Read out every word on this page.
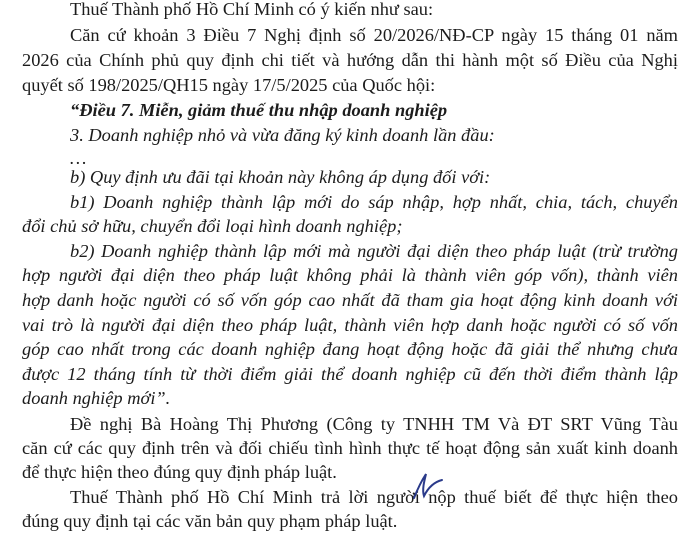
Thuế Thành phố Hồ Chí Minh có ý kiến như sau:
Căn cứ khoản 3 Điều 7 Nghị định số 20/2026/NĐ-CP ngày 15 tháng 01 năm
2026 của Chính phủ quy định chi tiết và hướng dẫn thi hành một số Điều của Nghị
quyết số 198/2025/QH15 ngày 17/5/2025 của Quốc hội:
“Điều 7. Miễn, giảm thuế thu nhập doanh nghiệp
3. Doanh nghiệp nhỏ và vừa đăng ký kinh doanh lần đầu:
…
b) Quy định ưu đãi tại khoản này không áp dụng đối với:
b1) Doanh nghiệp thành lập mới do sáp nhập, hợp nhất, chia, tách, chuyển
đổi chủ sở hữu, chuyển đổi loại hình doanh nghiệp;
b2) Doanh nghiệp thành lập mới mà người đại diện theo pháp luật (trừ trường
hợp người đại diện theo pháp luật không phải là thành viên góp vốn), thành viên
hợp danh hoặc người có số vốn góp cao nhất đã tham gia hoạt động kinh doanh với
vai trò là người đại diện theo pháp luật, thành viên hợp danh hoặc người có số vốn
góp cao nhất trong các doanh nghiệp đang hoạt động hoặc đã giải thể nhưng chưa
được 12 tháng tính từ thời điểm giải thể doanh nghiệp cũ đến thời điểm thành lập
doanh nghiệp mới”.
Đề nghị Bà Hoàng Thị Phương (Công ty TNHH TM Và ĐT SRT Vũng Tàu
căn cứ các quy định trên và đối chiếu tình hình thực tế hoạt động sản xuất kinh doanh
để thực hiện theo đúng quy định pháp luật.
Thuế Thành phố Hồ Chí Minh trả lời người nộp thuế biết để thực hiện theo
đúng quy định tại các văn bản quy phạm pháp luật.
